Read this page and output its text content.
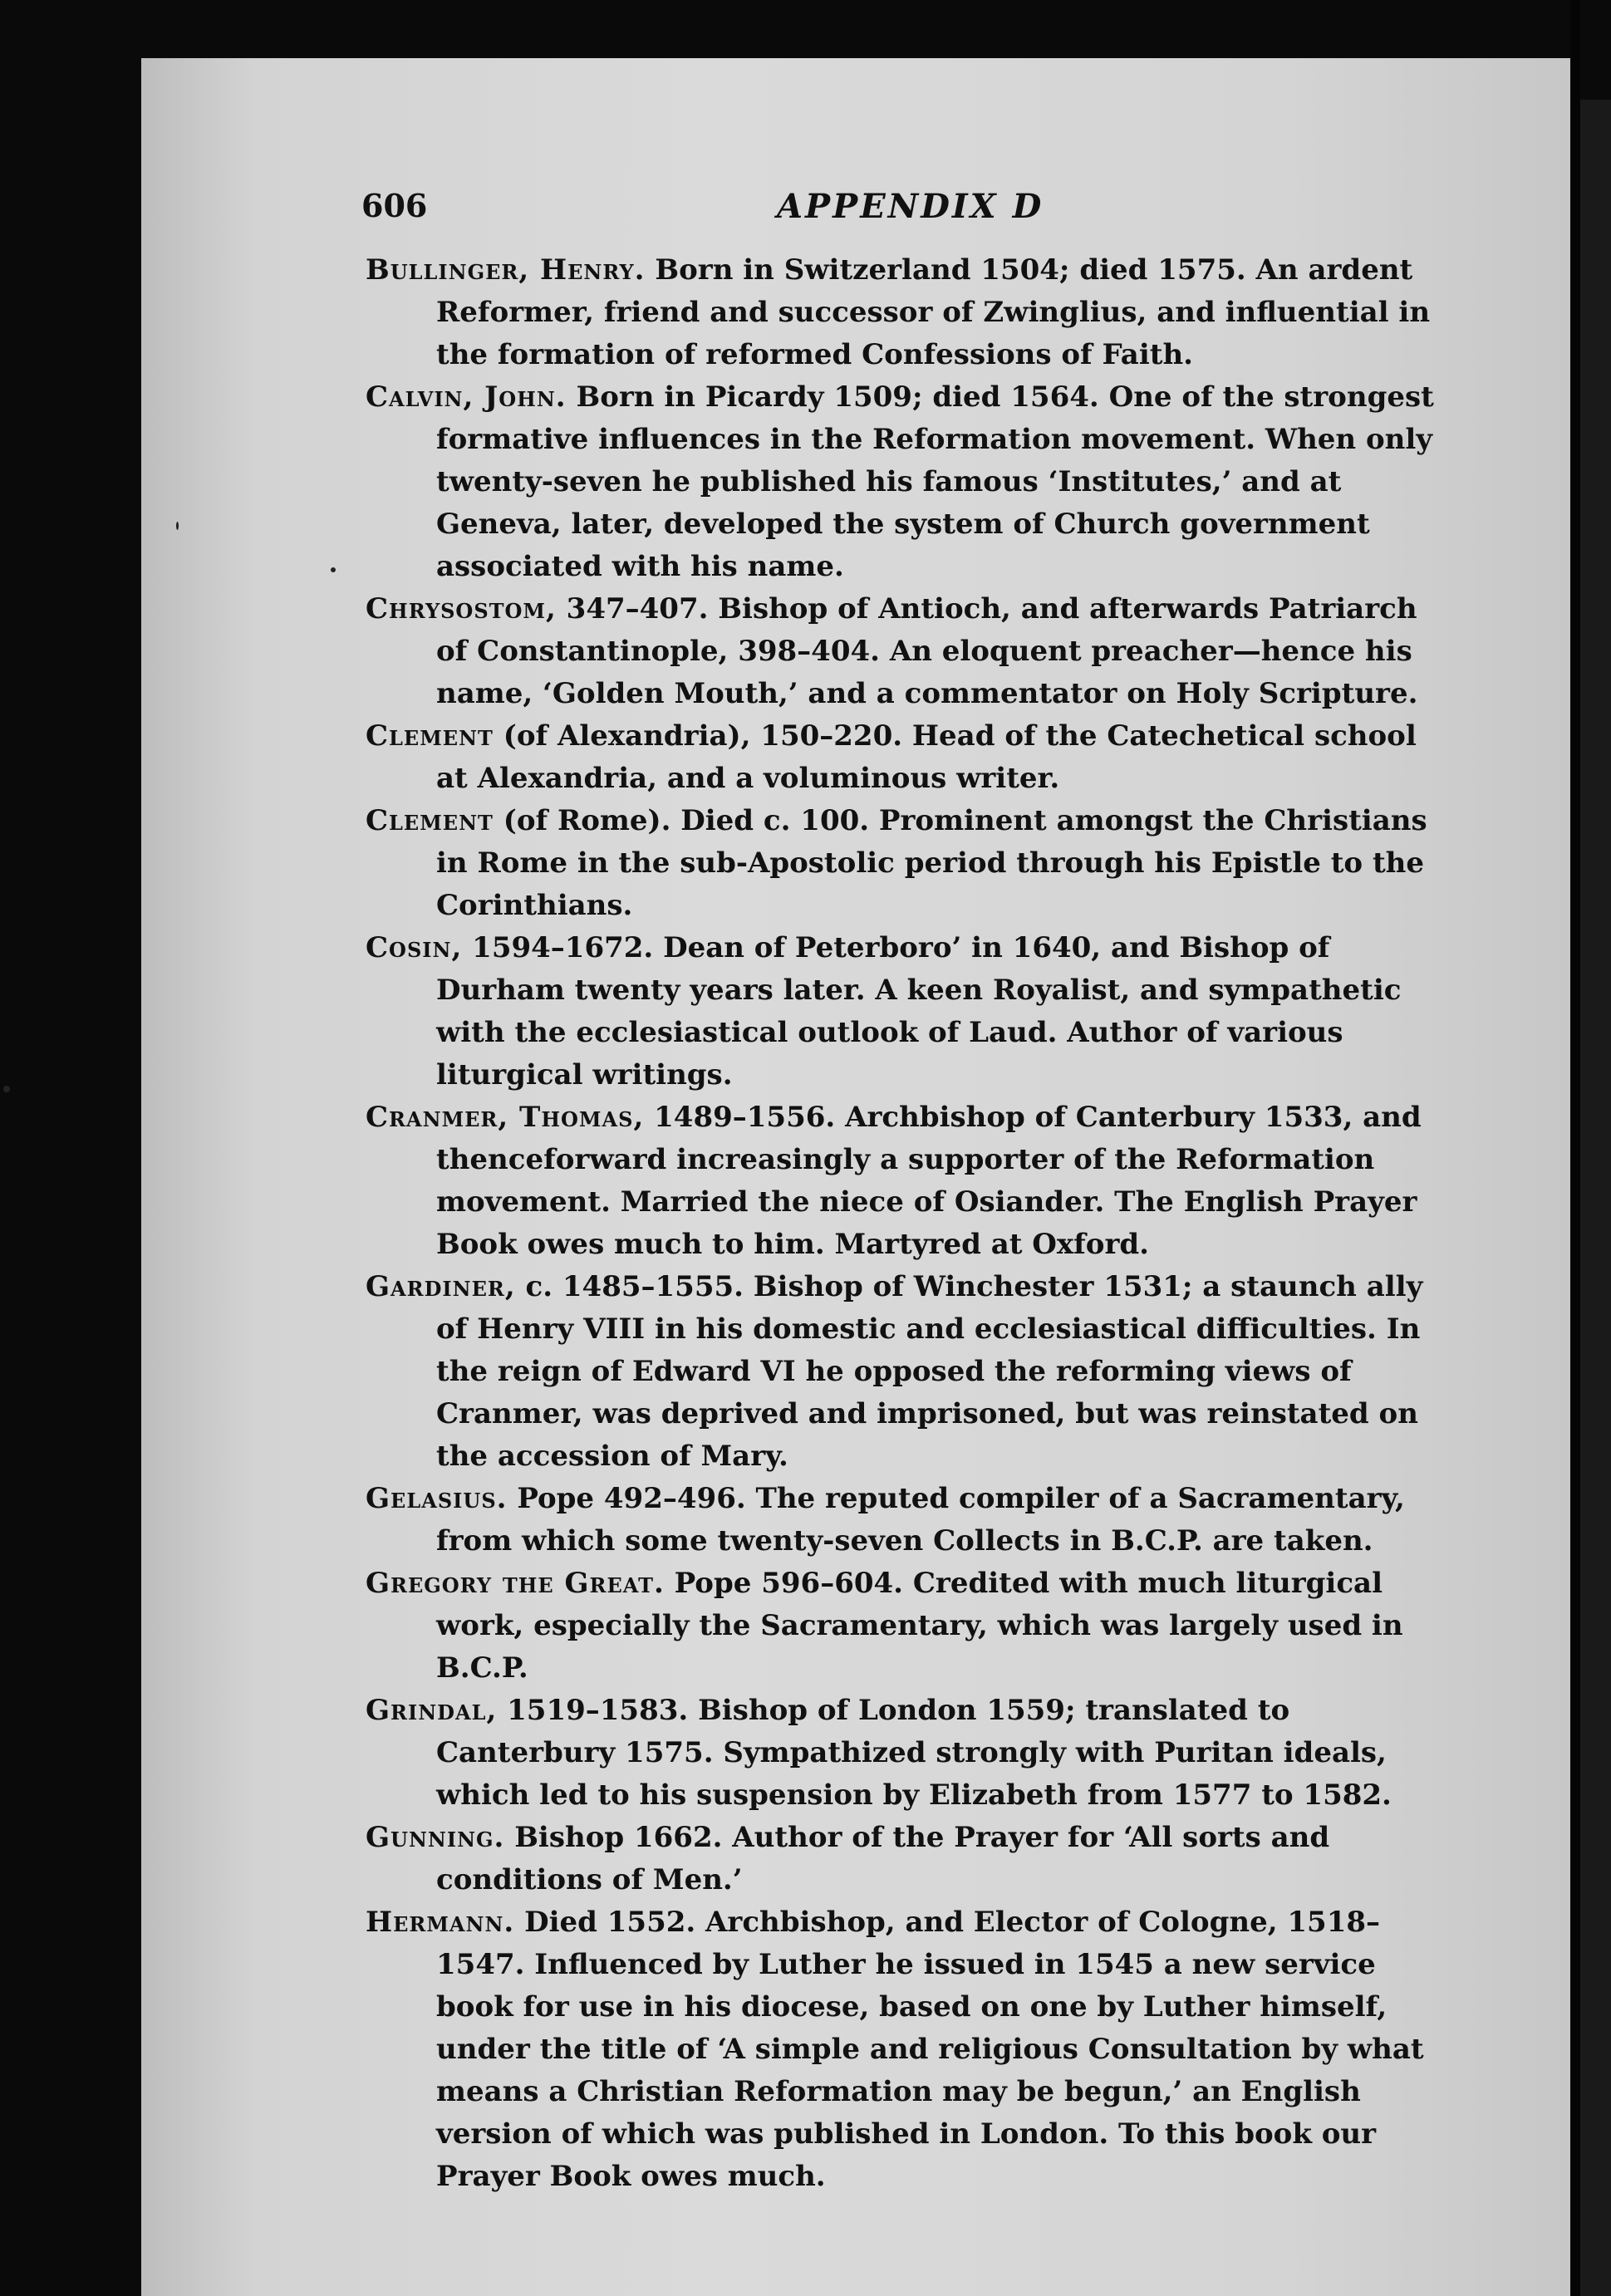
606	APPENDIX D

Bullinger, Henry. Born in Switzerland 1504; died 1575. An ardent Reformer, friend and successor of Zwinglius, and influential in the formation of reformed Confessions of Faith.

Calvin, John. Born in Picardy 1509; died 1564. One of the strongest formative influences in the Reformation movement. When only twenty-seven he published his famous ‘Institutes,’ and at Geneva, later, developed the system of Church government associated with his name.

Chrysostom, 347–407. Bishop of Antioch, and afterwards Patriarch of Constantinople, 398–404. An eloquent preacher—hence his name, ‘Golden Mouth,’ and a commentator on Holy Scripture.

Clement (of Alexandria), 150–220. Head of the Catechetical school at Alexandria, and a voluminous writer.

Clement (of Rome). Died c. 100. Prominent amongst the Christians in Rome in the sub-Apostolic period through his Epistle to the Corinthians.

Cosin, 1594–1672. Dean of Peterboro’ in 1640, and Bishop of Durham twenty years later. A keen Royalist, and sympathetic with the ecclesiastical outlook of Laud. Author of various liturgical writings.

Cranmer, Thomas, 1489–1556. Archbishop of Canterbury 1533, and thenceforward increasingly a supporter of the Reformation movement. Married the niece of Osiander. The English Prayer Book owes much to him. Martyred at Oxford.

Gardiner, c. 1485–1555. Bishop of Winchester 1531; a staunch ally of Henry VIII in his domestic and ecclesiastical difficulties. In the reign of Edward VI he opposed the reforming views of Cranmer, was deprived and imprisoned, but was reinstated on the accession of Mary.

Gelasius. Pope 492–496. The reputed compiler of a Sacramentary, from which some twenty-seven Collects in B.C.P. are taken.

Gregory the Great. Pope 596–604. Credited with much liturgical work, especially the Sacramentary, which was largely used in B.C.P.

Grindal, 1519–1583. Bishop of London 1559; translated to Canterbury 1575. Sympathized strongly with Puritan ideals, which led to his suspension by Elizabeth from 1577 to 1582.

Gunning. Bishop 1662. Author of the Prayer for ‘All sorts and conditions of Men.’

Hermann. Died 1552. Archbishop, and Elector of Cologne, 1518–1547. Influenced by Luther he issued in 1545 a new service book for use in his diocese, based on one by Luther himself, under the title of ‘A simple and religious Consultation by what means a Christian Reformation may be begun,’ an English version of which was published in London. To this book our Prayer Book owes much.
